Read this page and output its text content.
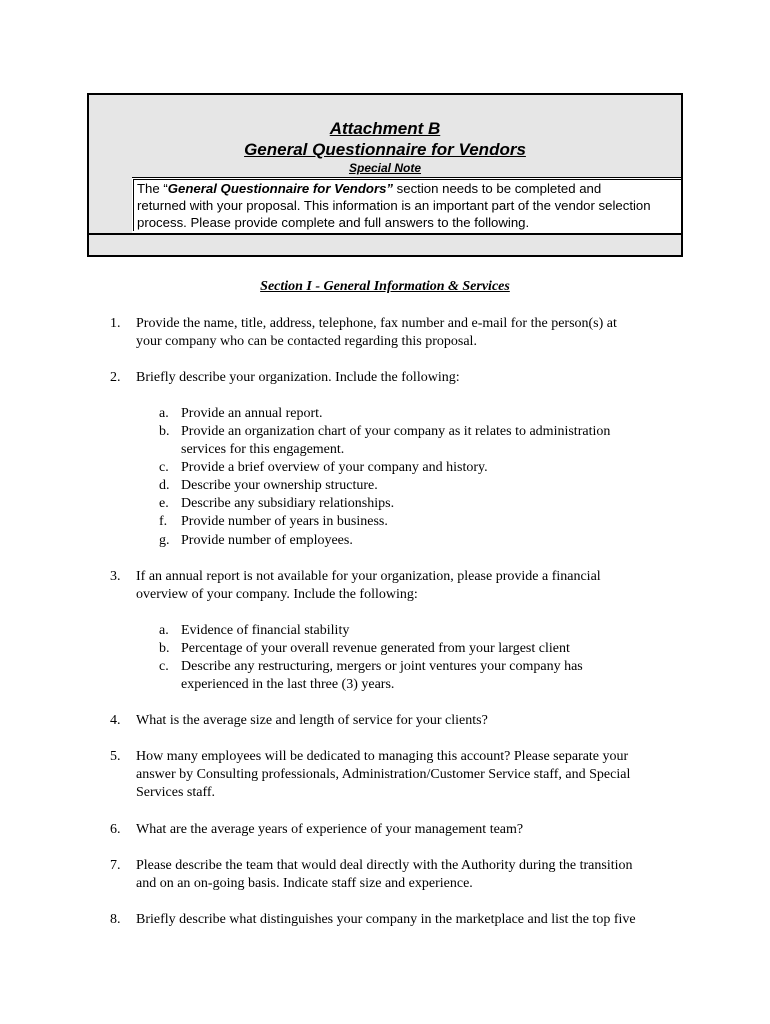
Attachment B
General Questionnaire for Vendors
Special Note
The “General Questionnaire for Vendors” section needs to be completed and
returned with your proposal. This information is an important part of the vendor selection
process. Please provide complete and full answers to the following.
Section I - General Information & Services
1.	Provide the name, title, address, telephone, fax number and e-mail for the person(s) at
your company who can be contacted regarding this proposal.
2.	Briefly describe your organization. Include the following:
a. Provide an annual report.
b. Provide an organization chart of your company as it relates to administration
services for this engagement.
c. Provide a brief overview of your company and history.
d. Describe your ownership structure.
e. Describe any subsidiary relationships.
f. Provide number of years in business.
g. Provide number of employees.
3.	If an annual report is not available for your organization, please provide a financial
overview of your company. Include the following:
a. Evidence of financial stability
b. Percentage of your overall revenue generated from your largest client
c. Describe any restructuring, mergers or joint ventures your company has
experienced in the last three (3) years.
4.	What is the average size and length of service for your clients?
5.	How many employees will be dedicated to managing this account? Please separate your
answer by Consulting professionals, Administration/Customer Service staff, and Special
Services staff.
6.	What are the average years of experience of your management team?
7.	Please describe the team that would deal directly with the Authority during the transition
and on an on-going basis. Indicate staff size and experience.
8.	Briefly describe what distinguishes your company in the marketplace and list the top five
